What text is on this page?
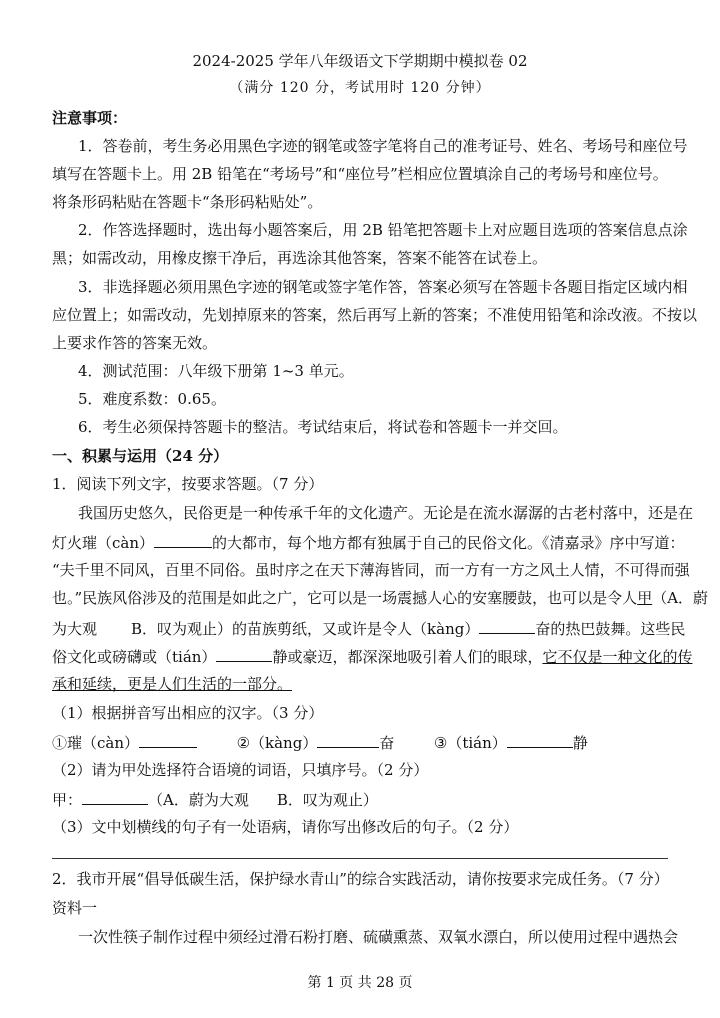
2024-2025 学年八年级语文下学期期中模拟卷 02
（满分 120 分，考试用时 120 分钟）
注意事项：
1．答卷前，考生务必用黑色字迹的钢笔或签字笔将自己的准考证号、姓名、考场号和座位号
填写在答题卡上。用 2B 铅笔在“考场号”和“座位号”栏相应位置填涂自己的考场号和座位号。
将条形码粘贴在答题卡“条形码粘贴处”。
2．作答选择题时，选出每小题答案后，用 2B 铅笔把答题卡上对应题目选项的答案信息点涂
黑；如需改动，用橡皮擦干净后，再选涂其他答案，答案不能答在试卷上。
3．非选择题必须用黑色字迹的钢笔或签字笔作答，答案必须写在答题卡各题目指定区域内相
应位置上；如需改动，先划掉原来的答案，然后再写上新的答案；不准使用铅笔和涂改液。不按以
上要求作答的答案无效。
4．测试范围：八年级下册第 1~3 单元。
5．难度系数：0.65。
6．考生必须保持答题卡的整洁。考试结束后，将试卷和答题卡一并交回。
一、积累与运用（24 分）
1．阅读下列文字，按要求答题。（7 分）
我国历史悠久，民俗更是一种传承千年的文化遗产。无论是在流水潺潺的古老村落中，还是在
灯火璀（càn）	的大都市，每个地方都有独属于自己的民俗文化。《清嘉录》序中写道：
“夫千里不同风，百里不同俗。虽时序之在天下薄海皆同，而一方有一方之风土人情，不可得而强
也。”民族风俗涉及的范围是如此之广，它可以是一场震撼人心的安塞腰鼓，也可以是令人甲（A．蔚
为大观 B．叹为观止）的苗族剪纸，又或许是令人（kàng）	奋的热巴鼓舞。这些民
俗文化或磅礴或（tián）	静或豪迈，都深深地吸引着人们的眼球，它不仅是一种文化的传
承和延续，更是人们生活的一部分。
（1）根据拼音写出相应的汉字。（3 分）
①璀（càn）	②（kàng）	奋	③（tián）	静
（2）请为甲处选择符合语境的词语，只填序号。（2 分）
甲：	（A．蔚为大观 B．叹为观止）
（3）文中划横线的句子有一处语病，请你写出修改后的句子。（2 分）
2．我市开展“倡导低碳生活，保护绿水青山”的综合实践活动，请你按要求完成任务。（7 分）
资料一
一次性筷子制作过程中须经过滑石粉打磨、硫磺熏蒸、双氧水漂白，所以使用过程中遇热会
第 1 页 共 28 页
